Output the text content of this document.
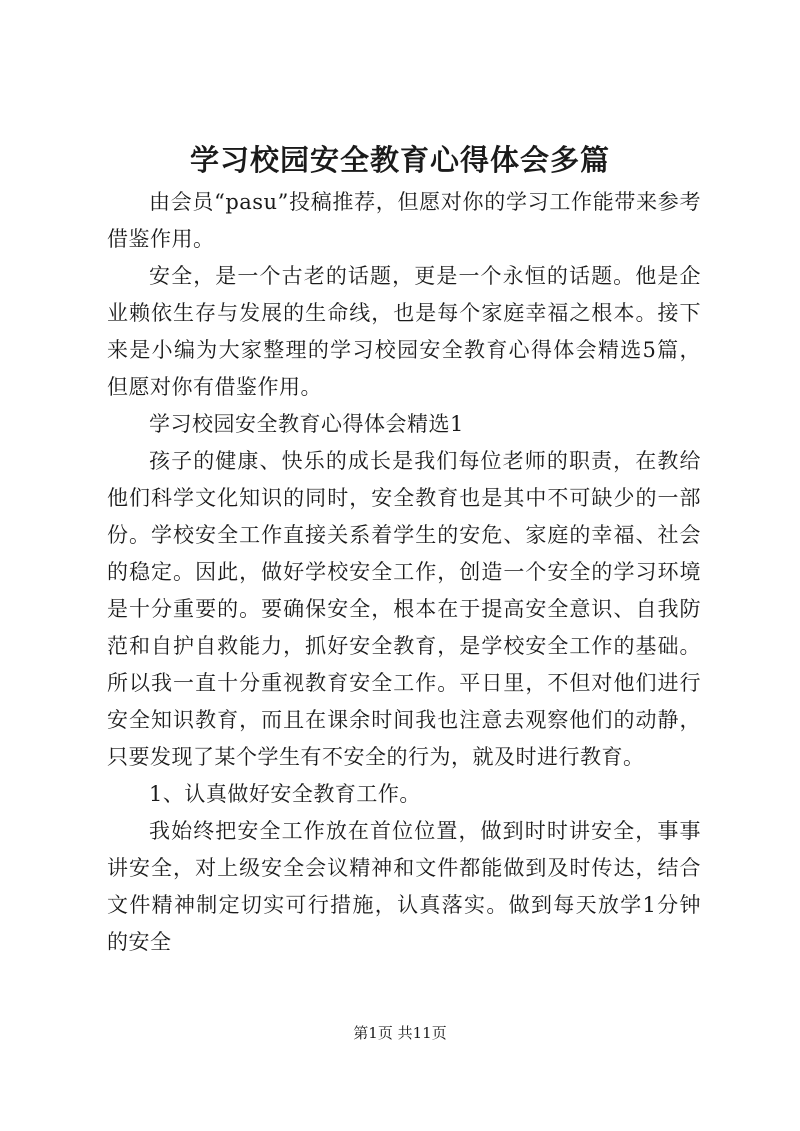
学习校园安全教育心得体会多篇

由会员“pasu”投稿推荐，但愿对你的学习工作能带来参考借鉴作用。

安全，是一个古老的话题，更是一个永恒的话题。他是企业赖依生存与发展的生命线，也是每个家庭幸福之根本。接下来是小编为大家整理的学习校园安全教育心得体会精选5篇，但愿对你有借鉴作用。

学习校园安全教育心得体会精选1

孩子的健康、快乐的成长是我们每位老师的职责，在教给他们科学文化知识的同时，安全教育也是其中不可缺少的一部份。学校安全工作直接关系着学生的安危、家庭的幸福、社会的稳定。因此，做好学校安全工作，创造一个安全的学习环境是十分重要的。要确保安全，根本在于提高安全意识、自我防范和自护自救能力，抓好安全教育，是学校安全工作的基础。所以我一直十分重视教育安全工作。平日里，不但对他们进行安全知识教育，而且在课余时间我也注意去观察他们的动静，只要发现了某个学生有不安全的行为，就及时进行教育。

1、认真做好安全教育工作。

我始终把安全工作放在首位位置，做到时时讲安全，事事讲安全，对上级安全会议精神和文件都能做到及时传达，结合文件精神制定切实可行措施，认真落实。做到每天放学1分钟的安全

第1页 共11页
